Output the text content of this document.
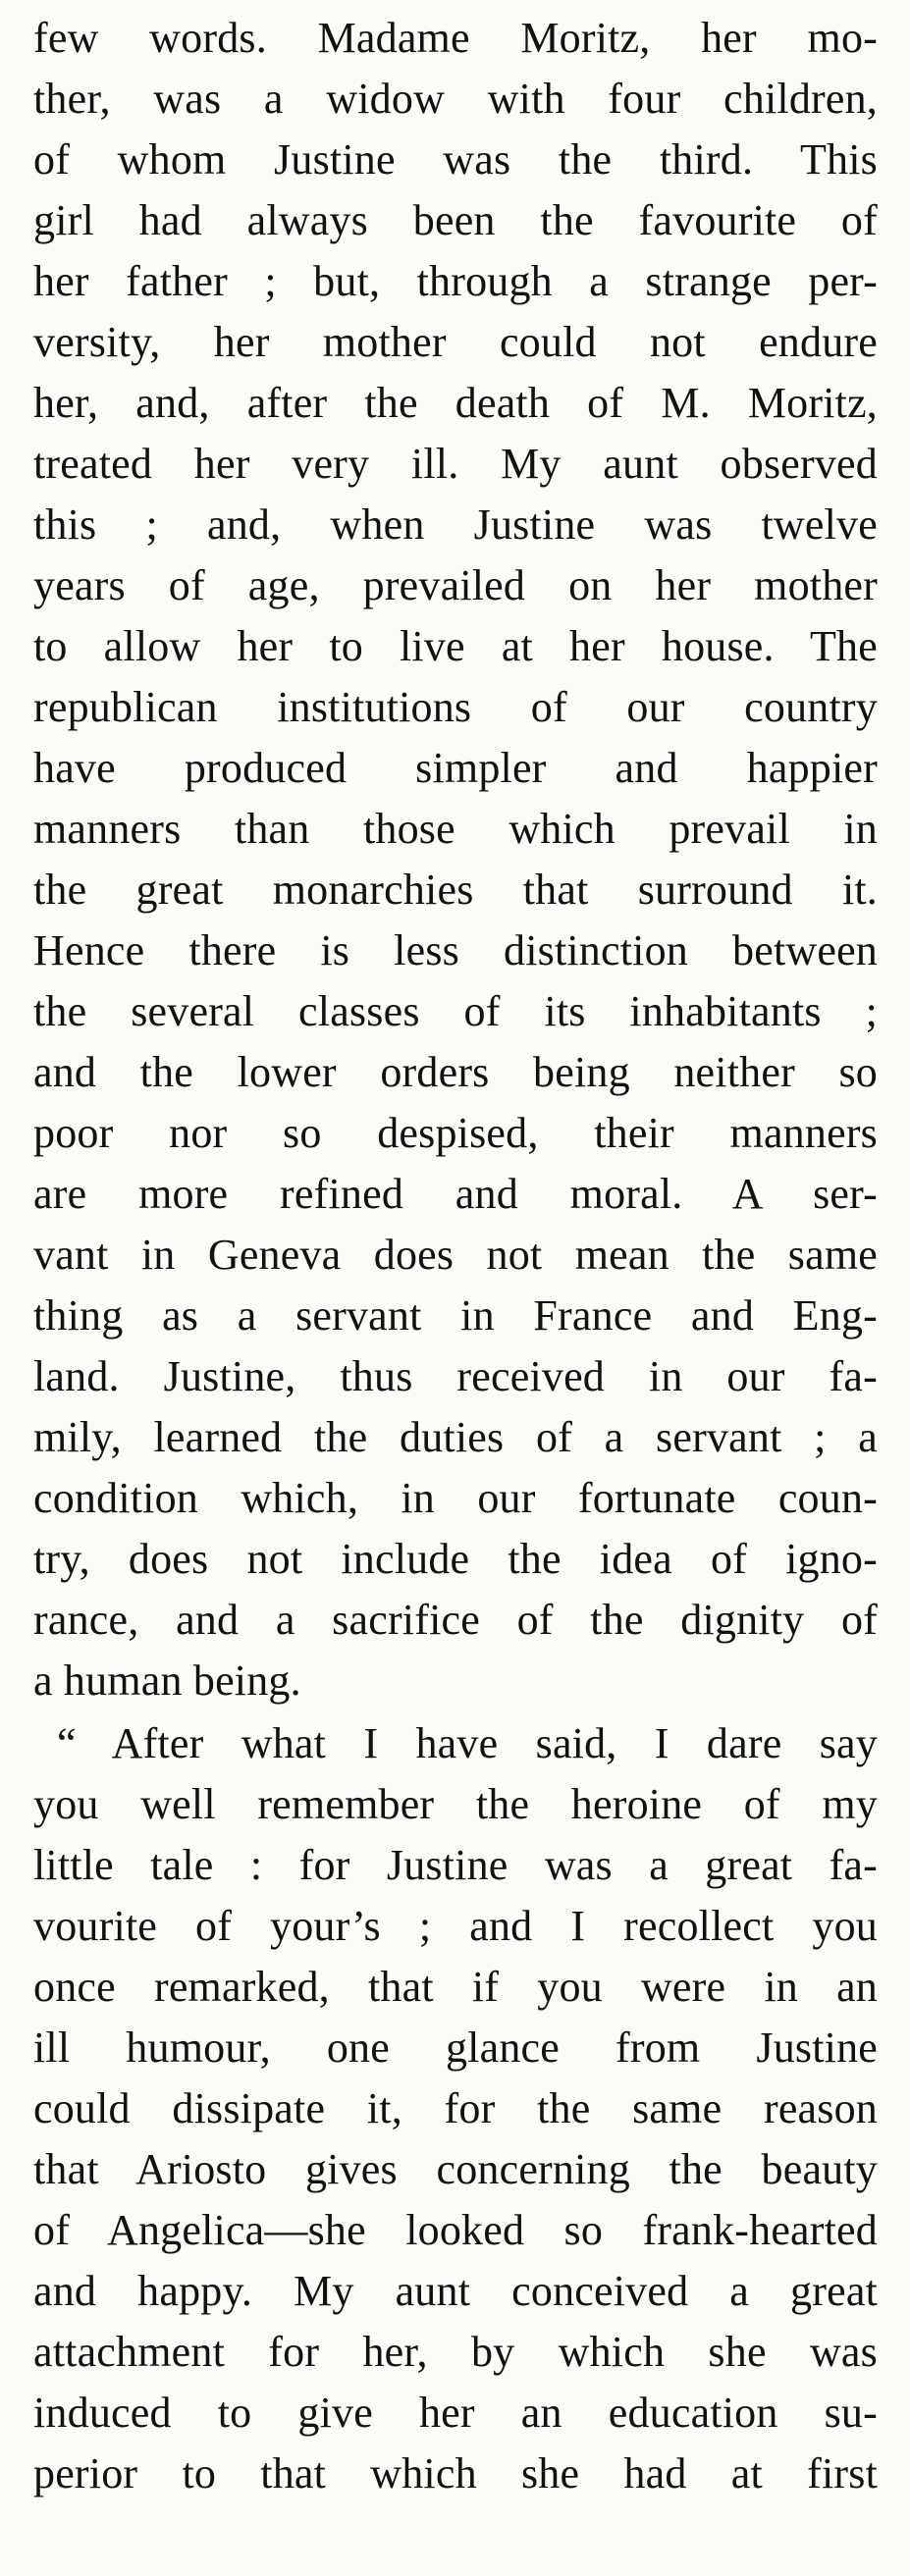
few words. Madame Moritz, her mo-
ther, was a widow with four children,
of whom Justine was the third. This
girl had always been the favourite of
her father ; but, through a strange per-
versity, her mother could not endure
her, and, after the death of M. Moritz,
treated her very ill. My aunt observed
this ; and, when Justine was twelve
years of age, prevailed on her mother
to allow her to live at her house. The
republican institutions of our country
have produced simpler and happier
manners than those which prevail in
the great monarchies that surround it.
Hence there is less distinction between
the several classes of its inhabitants ;
and the lower orders being neither so
poor nor so despised, their manners
are more refined and moral. A ser-
vant in Geneva does not mean the same
thing as a servant in France and Eng-
land. Justine, thus received in our fa-
mily, learned the duties of a servant ; a
condition which, in our fortunate coun-
try, does not include the idea of igno-
rance, and a sacrifice of the dignity of
a human being.
“ After what I have said, I dare say
you well remember the heroine of my
little tale : for Justine was a great fa-
vourite of your’s ; and I recollect you
once remarked, that if you were in an
ill humour, one glance from Justine
could dissipate it, for the same reason
that Ariosto gives concerning the beauty
of Angelica—she looked so frank-hearted
and happy. My aunt conceived a great
attachment for her, by which she was
induced to give her an education su-
perior to that which she had at first
